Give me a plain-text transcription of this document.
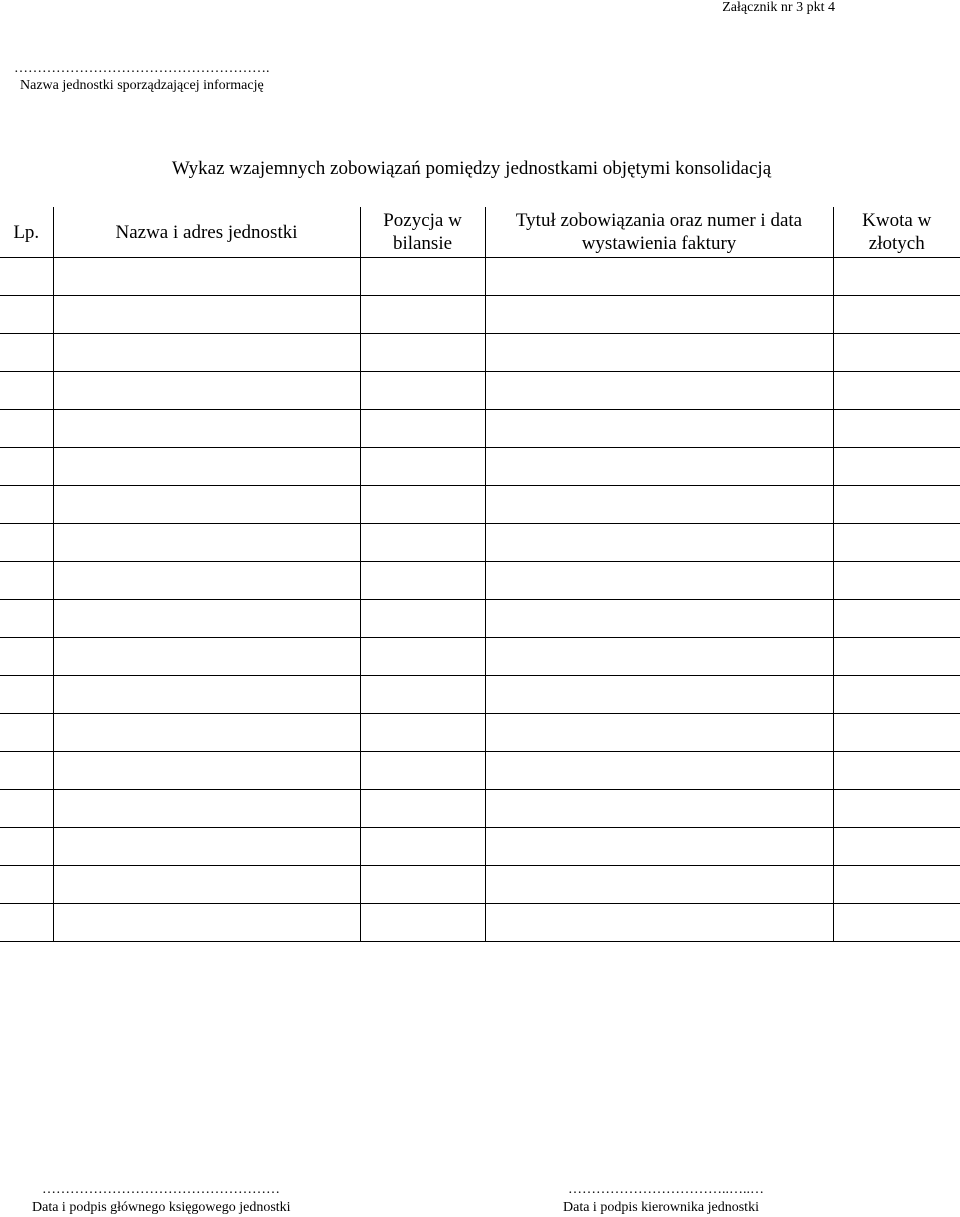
Załącznik nr 3 pkt 4
……………………………………………….
Nazwa jednostki sporządzającej informację
Wykaz wzajemnych zobowiązań pomiędzy jednostkami objętymi konsolidacją
Lp.	Nazwa i adres jednostki	Pozycja w bilansie	Tytuł zobowiązania oraz numer i data wystawienia faktury	Kwota w złotych

……………………………………………
Data i podpis głównego księgowego jednostki
……………………………..…..…
Data i podpis kierownika jednostki
